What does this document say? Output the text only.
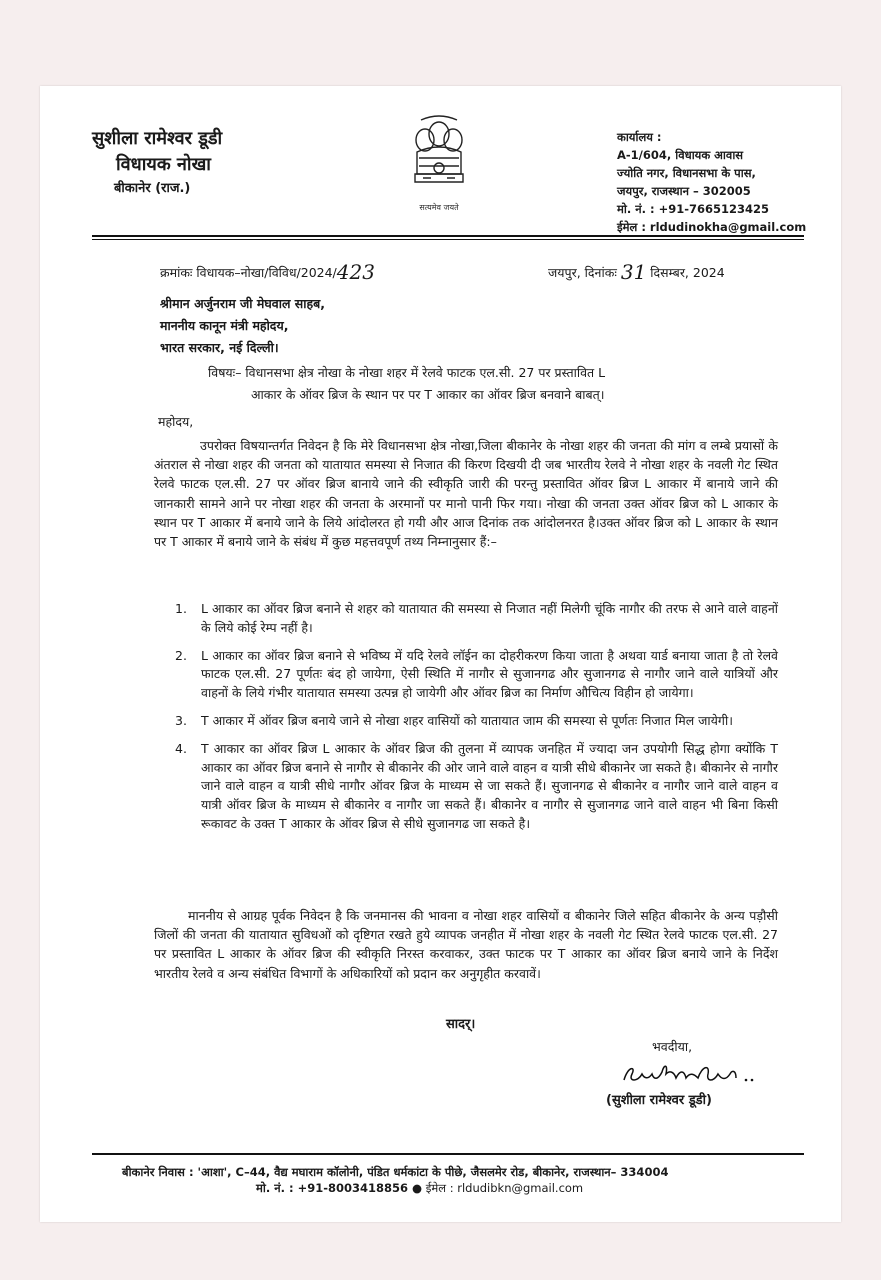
सुशीला रामेश्वर डूडी
विधायक नोखा
बीकानेर (राज.)
सत्यमेव जयते
कार्यालय :
A-1/604, विधायक आवास
ज्योति नगर, विधानसभा के पास,
जयपुर, राजस्थान – 302005
मो. नं. : +91-7665123425
ईमेल : rldudinokha@gmail.com
क्रमांकः विधायक–नोखा/विविध/2024/423	जयपुर, दिनांकः 31 दिसम्बर, 2024
श्रीमान अर्जुनराम जी मेघवाल साहब,
माननीय कानून मंत्री महोदय,
भारत सरकार, नई दिल्ली।
विषयः– विधानसभा क्षेत्र नोखा के नोखा शहर में रेलवे फाटक एल.सी. 27 पर प्रस्तावित L
आकार के ऑवर ब्रिज के स्थान पर पर T आकार का ऑवर ब्रिज बनवाने बाबत्।
महोदय,
उपरोक्त विषयान्तर्गत निवेदन है कि मेरे विधानसभा क्षेत्र नोखा,जिला बीकानेर के नोखा शहर की जनता की मांग व लम्बे प्रयासों के अंतराल से नोखा शहर की जनता को यातायात समस्या से निजात की किरण दिखयी दी जब भारतीय रेलवे ने नोखा शहर के नवली गेट स्थित रेलवे फाटक एल.सी. 27 पर ऑवर ब्रिज बानाये जाने की स्वीकृति जारी की परन्तु प्रस्तावित ऑवर ब्रिज L आकार में बानाये जाने की जानकारी सामने आने पर नोखा शहर की जनता के अरमानों पर मानो पानी फिर गया। नोखा की जनता उक्त ऑवर ब्रिज को L आकार के स्थान पर T आकार में बनाये जाने के लिये आंदोलरत हो गयी और आज दिनांक तक आंदोलनरत है।उक्त ऑवर ब्रिज को L आकार के स्थान पर T आकार में बनाये जाने के संबंध में कुछ महत्तवपूर्ण तथ्य निम्नानुसार हैं:–
1. L आकार का ऑवर ब्रिज बनाने से शहर को यातायात की समस्या से निजात नहीं मिलेगी चूंकि नागौर की तरफ से आने वाले वाहनों के लिये कोई रेम्प नहीं है।
2. L आकार का ऑवर ब्रिज बनाने से भविष्य में यदि रेलवे लॉईन का दोहरीकरण किया जाता है अथवा यार्ड बनाया जाता है तो रेलवे फाटक एल.सी. 27 पूर्णतः बंद हो जायेगा, ऐसी स्थिति में नागौर से सुजानगढ और सुजानगढ से नागौर जाने वाले यात्रियों और वाहनों के लिये गंभीर यातायात समस्या उत्पन्न हो जायेगी और ऑवर ब्रिज का निर्माण औचित्य विहीन हो जायेगा।
3. T आकार में ऑवर ब्रिज बनाये जाने से नोखा शहर वासियों को यातायात जाम की समस्या से पूर्णतः निजात मिल जायेगी।
4. T आकार का ऑवर ब्रिज L आकार के ऑवर ब्रिज की तुलना में व्यापक जनहित में ज्यादा जन उपयोगी सिद्ध होगा क्योंकि T आकार का ऑवर ब्रिज बनाने से नागौर से बीकानेर की ओर जाने वाले वाहन व यात्री सीधे बीकानेर जा सकते है। बीकानेर से नागौर जाने वाले वाहन व यात्री सीधे नागौर ऑवर ब्रिज के माध्यम से जा सकते हैं। सुजानगढ से बीकानेर व नागौर जाने वाले वाहन व यात्री ऑवर ब्रिज के माध्यम से बीकानेर व नागौर जा सकते हैं। बीकानेर व नागौर से सुजानगढ जाने वाले वाहन भी बिना किसी रूकावट के उक्त T आकार के ऑवर ब्रिज से सीधे सुजानगढ जा सकते है।
माननीय से आग्रह पूर्वक निवेदन है कि जनमानस की भावना व नोखा शहर वासियों व बीकानेर जिले सहित बीकानेर के अन्य पड़ौसी जिलों की जनता की यातायात सुविधओं को दृष्टिगत रखते हुये व्यापक जनहीत में नोखा शहर के नवली गेट स्थित रेलवे फाटक एल.सी. 27 पर प्रस्तावित L आकार के ऑवर ब्रिज की स्वीकृति निरस्त करवाकर, उक्त फाटक पर T आकार का ऑवर ब्रिज बनाये जाने के निर्देश भारतीय रेलवे व अन्य संबंधित विभागों के अधिकारियों को प्रदान कर अनुगृहीत करवावें।
सादर्।
भवदीया,
(सुशीला रामेश्वर डूडी)
बीकानेर निवास : 'आशा', C–44, वैद्य मघाराम कॉलोनी, पंडित धर्मकांटा के पीछे, जैसलमेर रोड, बीकानेर, राजस्थान– 334004
मो. नं. : +91-8003418856 ● ईमेल : rldudibkn@gmail.com
